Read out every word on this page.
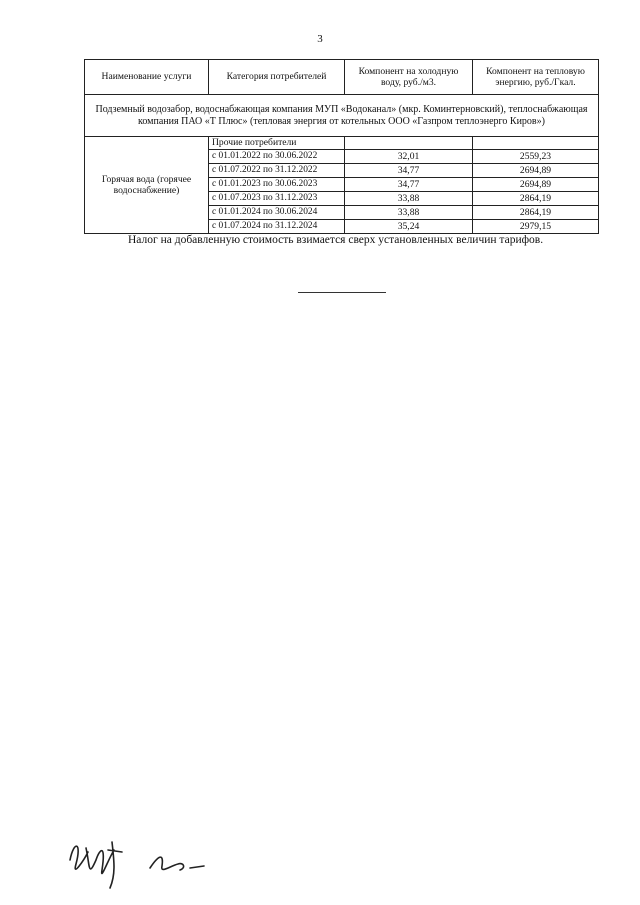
3
Наименование услуги	Категория потребителей	Компонент на холодную воду, руб./м3.	Компонент на тепловую энергию, руб./Гкал.
Подземный водозабор, водоснабжающая компания МУП «Водоканал» (мкр. Коминтерновский), теплоснабжающая компания ПАО «Т Плюс» (тепловая энергия от котельных ООО «Газпром теплоэнерго Киров»)			
Горячая вода (горячее водоснабжение)	Прочие потребители		
	с 01.01.2022 по 30.06.2022	32,01	2559,23
	с 01.07.2022 по 31.12.2022	34,77	2694,89
	с 01.01.2023 по 30.06.2023	34,77	2694,89
	с 01.07.2023 по 31.12.2023	33,88	2864,19
	с 01.01.2024 по 30.06.2024	33,88	2864,19
	с 01.07.2024 по 31.12.2024	35,24	2979,15
Налог на добавленную стоимость взимается сверх установленных величин тарифов.
